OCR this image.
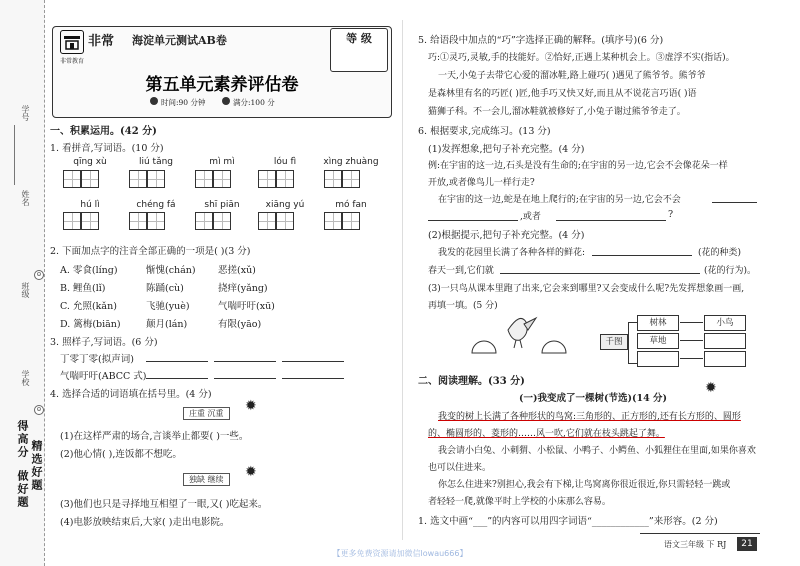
学号
姓名
⊙
班级
学校
⊙
做好题
得高分
精选好题
非常 海淀单元测试AB卷
非常教育
等 级
第五单元素养评估卷
时间:90 分钟	满分:100 分
一、积累运用。(42 分)
1. 看拼音,写词语。(10 分)
qīng xù	liú tǎng	mì mì	lóu fì	xìng zhuàng
hú lì	chéng fá	shī piān	xiāng yú	mó fan
2. 下面加点字的注音全部正确的一项是( )(3 分)
A. 零食(líng)	惭愧(chán) 恶搓(xǔ)
B. 鲤鱼(lǐ)	陈踊(cù)	挠痒(yǎng)
C. 允照(kǎn)	飞驰(yuè)	气喘吁吁(xū)
D. 篱梅(biān)	颠月(lán)	有限(yāo)
3. 照样子,写词语。(6 分)
丁零丁零(拟声词)
气喘吁吁(ABCC 式)
4. 选择合适的词语填在括号里。(4 分)
庄重 沉重	✹
(1)在这样严肃的场合,言谈举止都要( )一些。
(2)他心情( ),连饭都不想吃。
独缺 继续	✹
(3)他们也只是寻择地互相望了一眼,又( )吃起来。
(4)电影放映结束后,大家( )走出电影院。
5. 给语段中加点的“巧”字选择正确的解释。(填序号)(6 分)
巧:①灵巧,灵敏,手的技能好。②恰好,正遇上某种机会上。③虚浮不实(指话)。
一天,小兔子去带它心爱的溜冰鞋,路上碰巧( )遇见了熊爷爷。熊爷爷
是森林里有名的巧匠( )匠,他手巧又快又好,而且从不说花言巧语( )语
猫狮子科。不一会儿,溜冰鞋就被修好了,小兔子谢过熊爷爷走了。
6. 根据要求,完成练习。(13 分)
(1)发挥想象,把句子补充完整。(4 分)
例:在宇宙的这一边,石头是没有生命的;在宇宙的另一边,它会不会像花朵一样
开放,或者像鸟儿一样行走?
在宇宙的这一边,蛇是在地上爬行的;在宇宙的另一边,它会不会
,或者	?
(2)根据提示,把句子补充完整。(4 分)
我发的花园里长满了各种各样的鲜花:	(花的种类)
春天一到,它们就	(花的行为)。
(3)一只鸟从课本里跑了出来,它会来到哪里?又会变成什么呢?先发挥想象画一画,
再填一填。(5 分)
树林	小鸟
千图	草地
二、阅读理解。(33 分)
(一)我变成了一棵树(节选)(14 分)
✹
我变的树上长满了各种形状的鸟窝:三角形的、正方形的,还有长方形的、圆形
的、椭圆形的、菱形的……风一吹,它们就在枝头跳起了舞。
我会请小白兔、小刺猬、小松鼠、小鸭子、小鳄鱼、小狐狸住在里面,如果你喜欢
也可以住进来。
你怎么住进来?别担心,我会有下梯,让鸟窝离你很近很近,你只需轻轻一跳或
者轻轻一爬,就像平时上学校的小床那么容易。
1. 选文中画“___”的内容可以用四字词语“____________”来形容。(2 分)
语文三年级 下 RJ	21
【更多免费资源请加微信lowau666】
